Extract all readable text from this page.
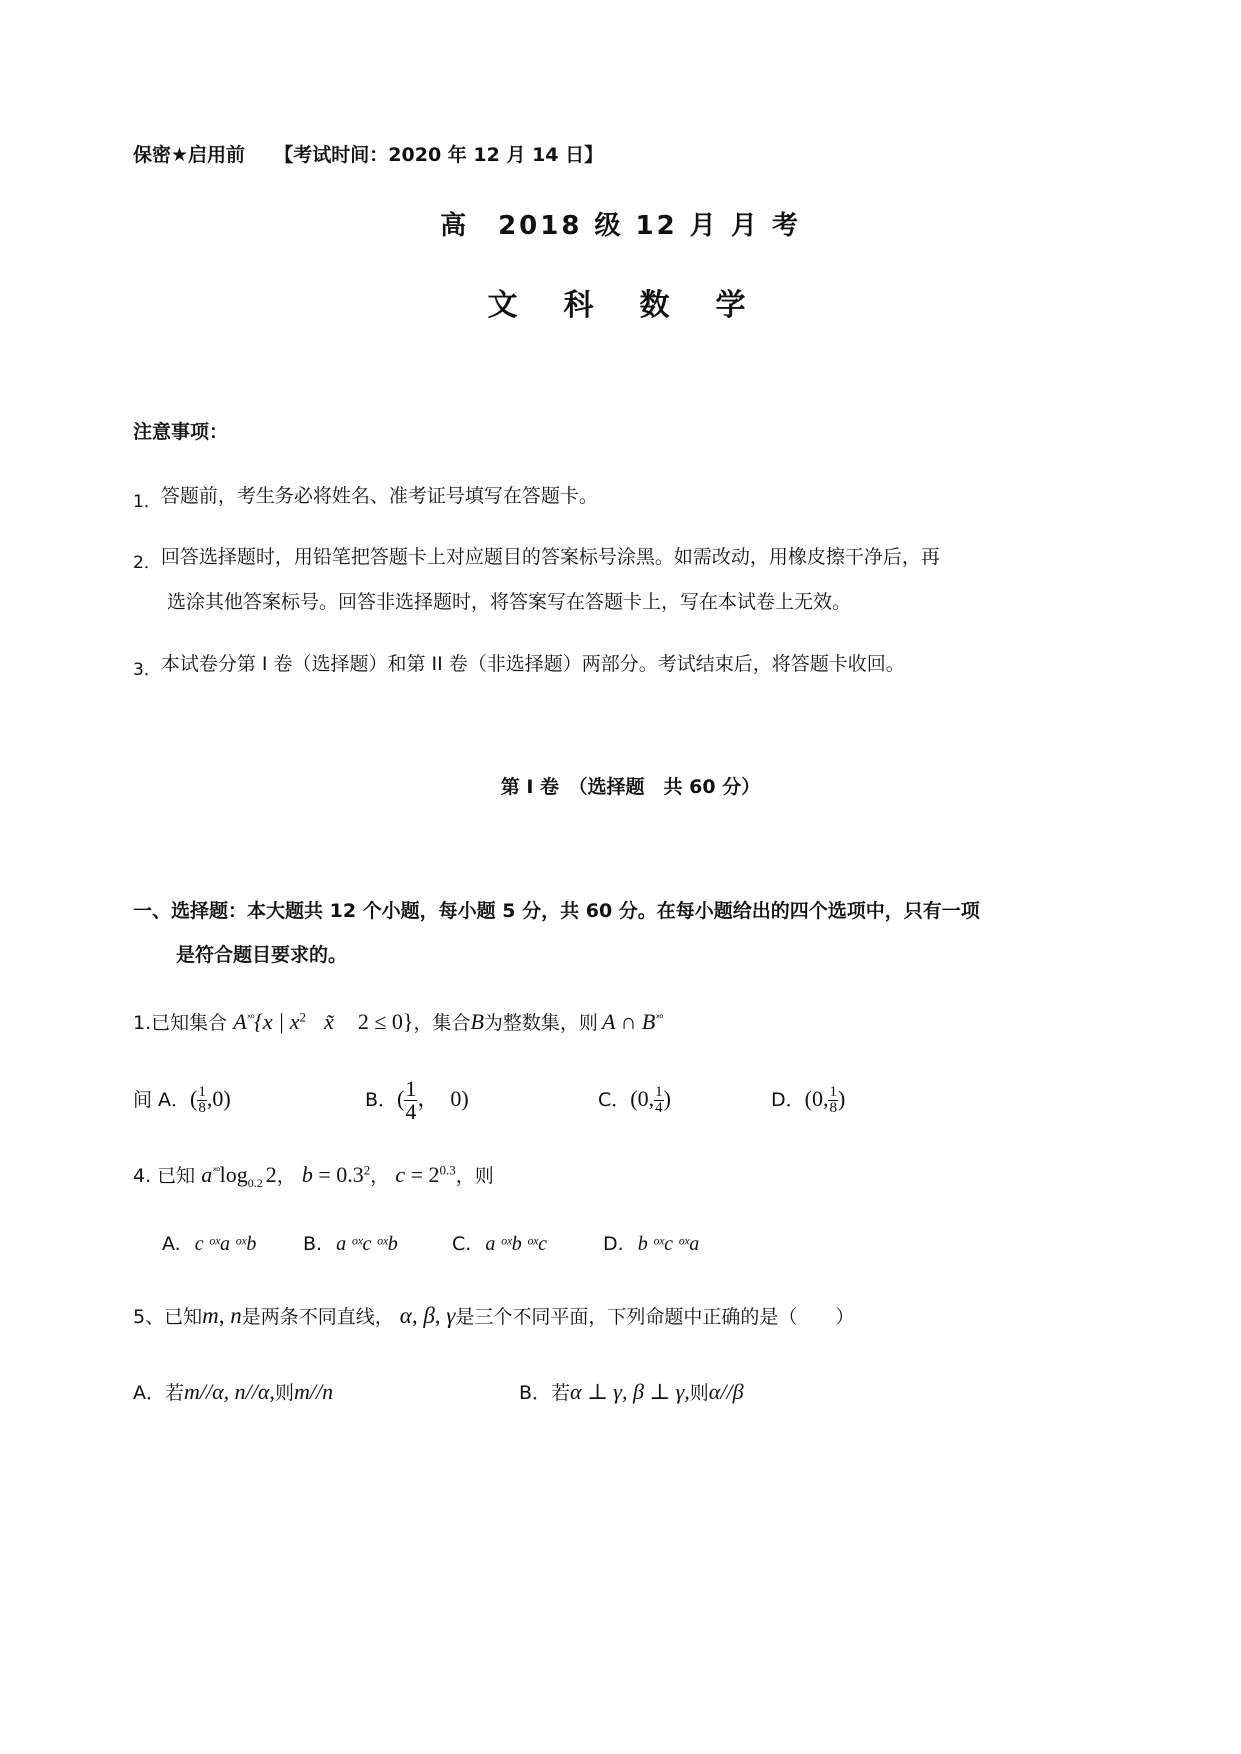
保密★启用前 【考试时间：2020 年 12 月 14 日】
高　2018 级 12 月 月 考
文　科　数　学
注意事项：
1．答题前，考生务必将姓名、准考证号填写在答题卡。
2．回答选择题时，用铅笔把答题卡上对应题目的答案标号涂黑。如需改动，用橡皮擦干净后，再
选涂其他答案标号。回答非选择题时，将答案写在答题卡上，写在本试卷上无效。
3．本试卷分第 I 卷（选择题）和第 II 卷（非选择题）两部分。考试结束后，将答题卡收回。
第 I 卷　（选择题　共 60 分）
一、选择题：本大题共 12 个小题，每小题 5 分，共 60 分。在每小题给出的四个选项中，只有一项
是符合题目要求的。
1.已知集合 $A^{ˣᵒ}\{x$ | $x^2$ x̃ 2 ≤ 0}，集合B为整数集，则 A ∩ $B^{ˣᵒ}$
间 A．( $\frac{1}{8} ,0$)	B．( $\frac{1}{4}$ ，　0)	C．(0, $\frac{1}{4}$ )	D．(0, $\frac{1}{8}$ )
4. 已知 $a^{ˣᵒ}\log_{0.2}$ 2， $b = 0.3^2$， $c = 2^{0.3}$，则
A. c ᵒˣa ᵒˣb B. a ᵒˣc ᵒˣb	C. a ᵒˣb ᵒˣc	D. b ᵒˣc ᵒˣa
5、已知m, n是两条不同直线， α, β, γ是三个不同平面，下列命题中正确的是（　　）
A．若m//α, n//α,则m//n	B．若α ⊥ γ, β ⊥ γ,则α//β
